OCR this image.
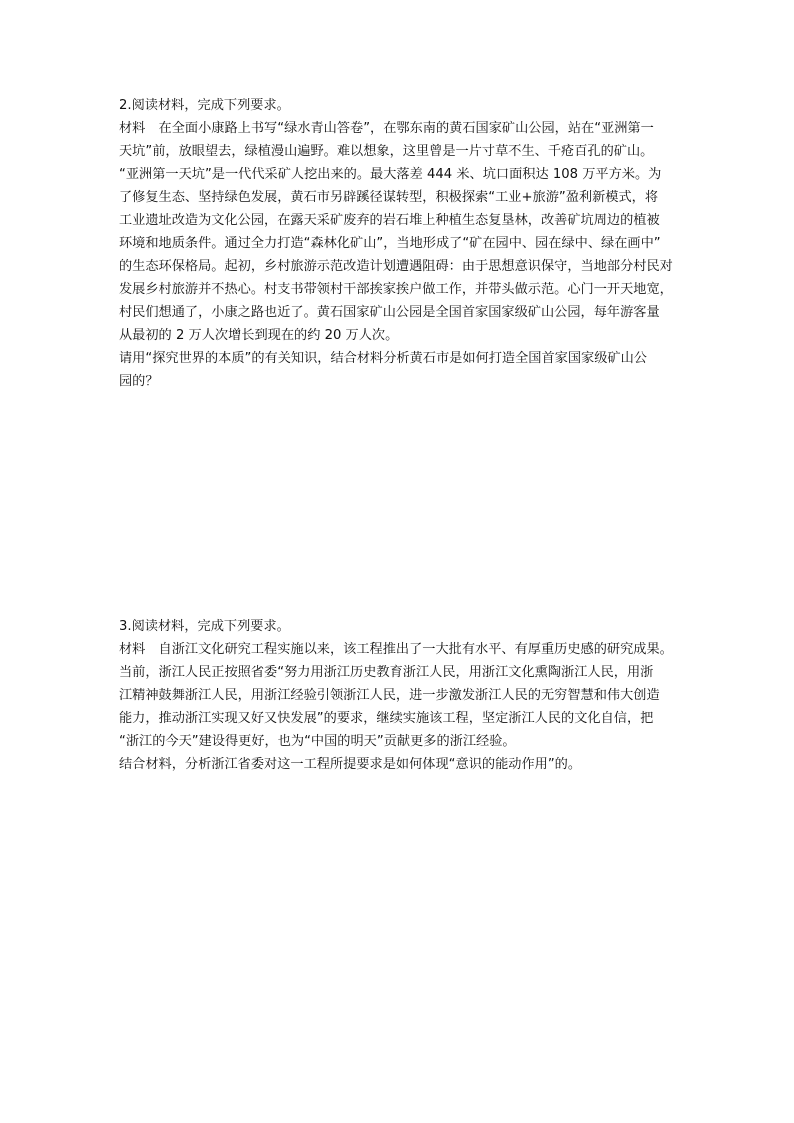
2.阅读材料，完成下列要求。
材料　在全面小康路上书写“绿水青山答卷”，在鄂东南的黄石国家矿山公园，站在“亚洲第一
天坑”前，放眼望去，绿植漫山遍野。难以想象，这里曾是一片寸草不生、千疮百孔的矿山。
“亚洲第一天坑”是一代代采矿人挖出来的。最大落差 444 米、坑口面积达 108 万平方米。为
了修复生态、坚持绿色发展，黄石市另辟蹊径谋转型，积极探索“工业+旅游”盈利新模式，将
工业遗址改造为文化公园，在露天采矿废弃的岩石堆上种植生态复垦林，改善矿坑周边的植被
环境和地质条件。通过全力打造“森林化矿山”，当地形成了“矿在园中、园在绿中、绿在画中”
的生态环保格局。起初，乡村旅游示范改造计划遭遇阻碍：由于思想意识保守，当地部分村民对
发展乡村旅游并不热心。村支书带领村干部挨家挨户做工作，并带头做示范。心门一开天地宽，
村民们想通了，小康之路也近了。黄石国家矿山公园是全国首家国家级矿山公园，每年游客量
从最初的 2 万人次增长到现在的约 20 万人次。
请用“探究世界的本质”的有关知识，结合材料分析黄石市是如何打造全国首家国家级矿山公
园的？
3.阅读材料，完成下列要求。
材料　自浙江文化研究工程实施以来，该工程推出了一大批有水平、有厚重历史感的研究成果。
当前，浙江人民正按照省委“努力用浙江历史教育浙江人民，用浙江文化熏陶浙江人民，用浙
江精神鼓舞浙江人民，用浙江经验引领浙江人民，进一步激发浙江人民的无穷智慧和伟大创造
能力，推动浙江实现又好又快发展”的要求，继续实施该工程，坚定浙江人民的文化自信，把
“浙江的今天”建设得更好，也为“中国的明天”贡献更多的浙江经验。
结合材料，分析浙江省委对这一工程所提要求是如何体现“意识的能动作用”的。
